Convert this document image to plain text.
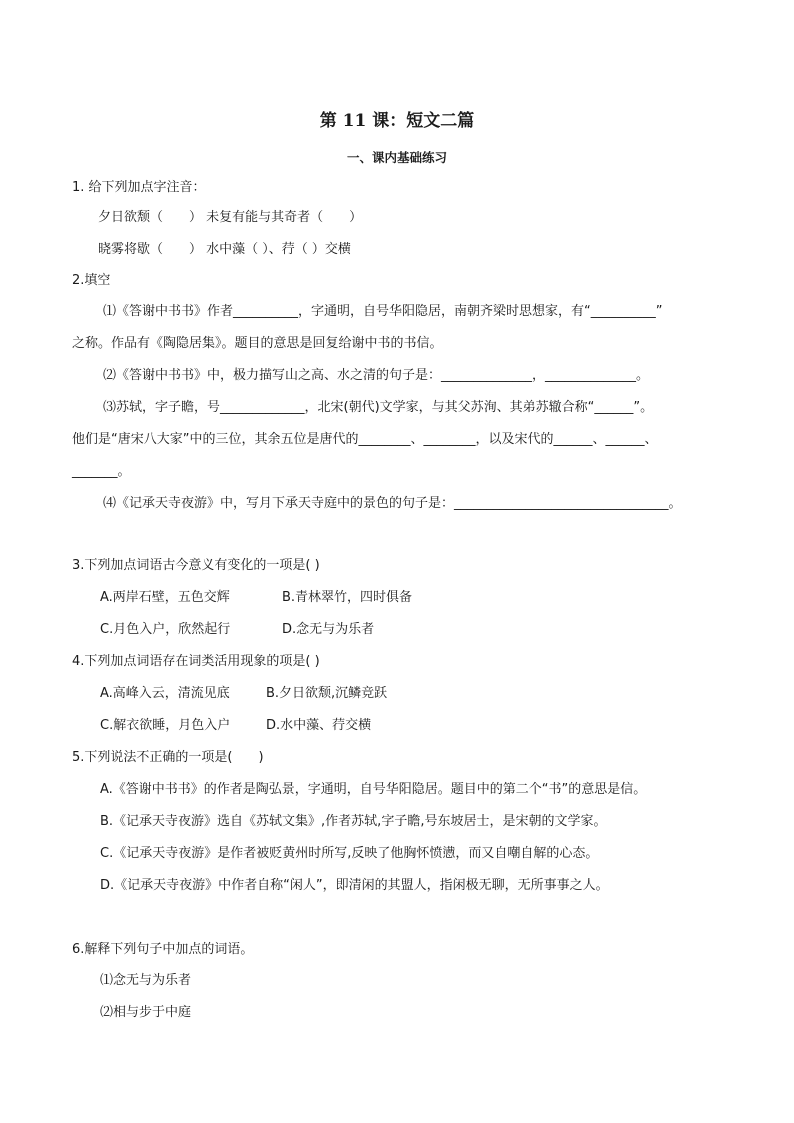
第 11 课：短文二篇
一、课内基础练习
1. 给下列加点字注音：
夕日欲颓（　　） 未复有能与其奇者（　　）
晓雾将歇（　　） 水中藻（ ）、荇（ ）交横
2.填空
⑴《答谢中书书》作者__________，字通明，自号华阳隐居，南朝齐梁时思想家，有“__________”
之称。作品有《陶隐居集》。题目的意思是回复给谢中书的书信。
⑵《答谢中书书》中，极力描写山之高、水之清的句子是：______________，______________。
⑶苏轼，字子瞻，号_____________，北宋(朝代)文学家，与其父苏洵、其弟苏辙合称“______”。
他们是“唐宋八大家”中的三位，其余五位是唐代的________、________，以及宋代的______、______、
_______。
⑷《记承天寺夜游》中，写月下承天寺庭中的景色的句子是：_________________________________。
3.下列加点词语古今意义有变化的一项是( )
A.两岸石壁，五色交辉	B.青林翠竹，四时俱备
C.月色入户，欣然起行	D.念无与为乐者
4.下列加点词语存在词类活用现象的项是( )
A.高峰入云，清流见底	B.夕日欲颓,沉鳞竞跃
C.解衣欲睡，月色入户	D.水中藻、荇交横
5.下列说法不正确的一项是(　　)
A.《答谢中书书》的作者是陶弘景，字通明，自号华阳隐居。题目中的第二个“书”的意思是信。
B.《记承天寺夜游》选自《苏轼文集》,作者苏轼,字子瞻,号东坡居士，是宋朝的文学家。
C.《记承天寺夜游》是作者被贬黄州时所写,反映了他胸怀愤懑，而又自嘲自解的心态。
D.《记承天寺夜游》中作者自称“闲人”，即清闲的其盟人，指闲极无聊，无所事事之人。
6.解释下列句子中加点的词语。
⑴念无与为乐者
⑵相与步于中庭
